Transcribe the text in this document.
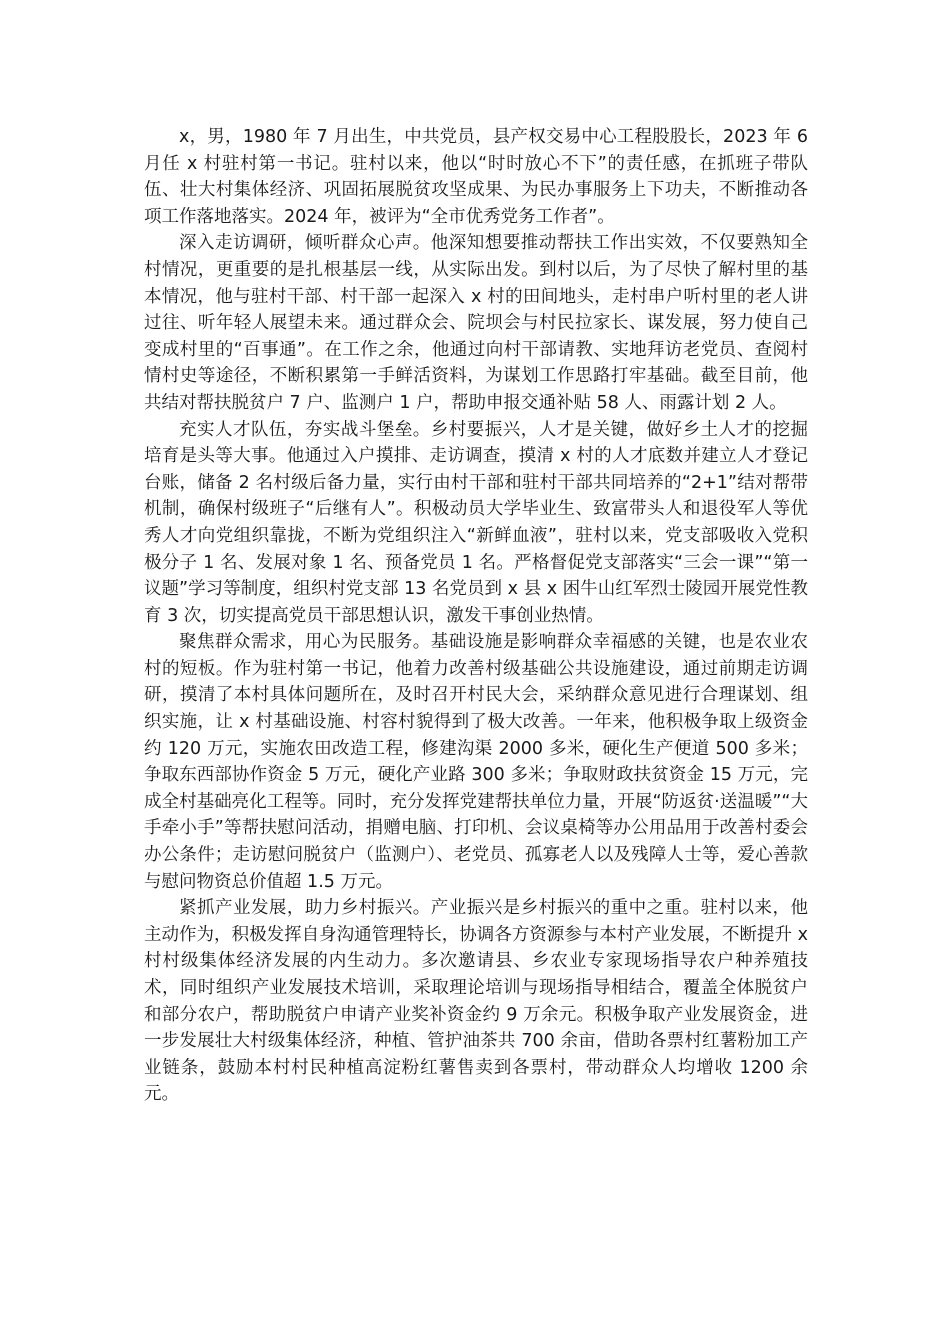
x，男，1980 年 7 月出生，中共党员，县产权交易中心工程股股长，2023 年 6 月任 x 村驻村第一书记。驻村以来，他以“时时放心不下”的责任感，在抓班子带队伍、壮大村集体经济、巩固拓展脱贫攻坚成果、为民办事服务上下功夫，不断推动各项工作落地落实。2024 年，被评为“全市优秀党务工作者”。

深入走访调研，倾听群众心声。他深知想要推动帮扶工作出实效，不仅要熟知全村情况，更重要的是扎根基层一线，从实际出发。到村以后，为了尽快了解村里的基本情况，他与驻村干部、村干部一起深入 x 村的田间地头，走村串户听村里的老人讲过往、听年轻人展望未来。通过群众会、院坝会与村民拉家长、谋发展，努力使自己变成村里的“百事通”。在工作之余，他通过向村干部请教、实地拜访老党员、查阅村情村史等途径，不断积累第一手鲜活资料，为谋划工作思路打牢基础。截至目前，他共结对帮扶脱贫户 7 户、监测户 1 户，帮助申报交通补贴 58 人、雨露计划 2 人。

充实人才队伍，夯实战斗堡垒。乡村要振兴，人才是关键，做好乡土人才的挖掘培育是头等大事。他通过入户摸排、走访调查，摸清 x 村的人才底数并建立人才登记台账，储备 2 名村级后备力量，实行由村干部和驻村干部共同培养的“2+1”结对帮带机制，确保村级班子“后继有人”。积极动员大学毕业生、致富带头人和退役军人等优秀人才向党组织靠拢，不断为党组织注入“新鲜血液”，驻村以来，党支部吸收入党积极分子 1 名、发展对象 1 名、预备党员 1 名。严格督促党支部落实“三会一课”“第一议题”学习等制度，组织村党支部 13 名党员到 x 县 x 困牛山红军烈士陵园开展党性教育 3 次，切实提高党员干部思想认识，激发干事创业热情。

聚焦群众需求，用心为民服务。基础设施是影响群众幸福感的关键，也是农业农村的短板。作为驻村第一书记，他着力改善村级基础公共设施建设，通过前期走访调研，摸清了本村具体问题所在，及时召开村民大会，采纳群众意见进行合理谋划、组织实施，让 x 村基础设施、村容村貌得到了极大改善。一年来，他积极争取上级资金约 120 万元，实施农田改造工程，修建沟渠 2000 多米，硬化生产便道 500 多米；争取东西部协作资金 5 万元，硬化产业路 300 多米；争取财政扶贫资金 15 万元，完成全村基础亮化工程等。同时，充分发挥党建帮扶单位力量，开展“防返贫·送温暖”“大手牵小手”等帮扶慰问活动，捐赠电脑、打印机、会议桌椅等办公用品用于改善村委会办公条件；走访慰问脱贫户（监测户）、老党员、孤寡老人以及残障人士等，爱心善款与慰问物资总价值超 1.5 万元。

紧抓产业发展，助力乡村振兴。产业振兴是乡村振兴的重中之重。驻村以来，他主动作为，积极发挥自身沟通管理特长，协调各方资源参与本村产业发展，不断提升 x 村村级集体经济发展的内生动力。多次邀请县、乡农业专家现场指导农户种养殖技术，同时组织产业发展技术培训，采取理论培训与现场指导相结合，覆盖全体脱贫户和部分农户，帮助脱贫户申请产业奖补资金约 9 万余元。积极争取产业发展资金，进一步发展壮大村级集体经济，种植、管护油茶共 700 余亩，借助各票村红薯粉加工产业链条，鼓励本村村民种植高淀粉红薯售卖到各票村，带动群众人均增收 1200 余元。
